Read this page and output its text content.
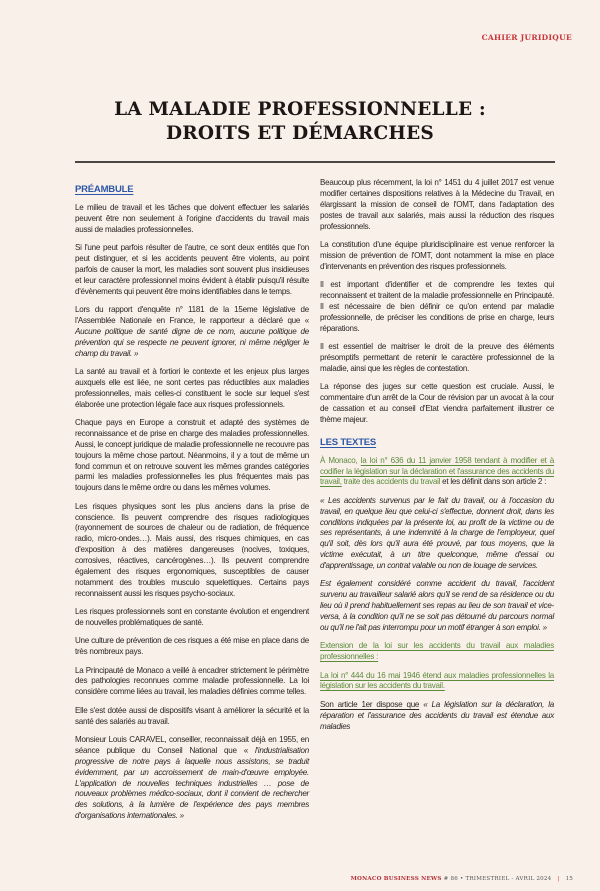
CAHIER JURIDIQUE
LA MALADIE PROFESSIONNELLE :
DROITS ET DÉMARCHES
PRÉAMBULE

Le milieu de travail et les tâches que doivent effectuer les salariés peuvent être non seulement à l'origine d'accidents du travail mais aussi de maladies professionnelles.

Si l'une peut parfois résulter de l'autre, ce sont deux entités que l'on peut distinguer, et si les accidents peuvent être violents, au point parfois de causer la mort, les maladies sont souvent plus insidieuses et leur caractère professionnel moins évident à établir puisqu'il résulte d'évènements qui peuvent être moins identifiables dans le temps.

Lors du rapport d'enquête n° 1181 de la 15eme législative de l'Assemblée Nationale en France, le rapporteur a déclaré que « Aucune politique de santé digne de ce nom, aucune politique de prévention qui se respecte ne peuvent ignorer, ni même négliger le champ du travail. »

La santé au travail et à fortiori le contexte et les enjeux plus larges auxquels elle est liée, ne sont certes pas réductibles aux maladies professionnelles, mais celles-ci constituent le socle sur lequel s'est élaborée une protection légale face aux risques professionnels.

Chaque pays en Europe a construit et adapté des systèmes de reconnaissance et de prise en charge des maladies professionnelles. Aussi, le concept juridique de maladie professionnelle ne recouvre pas toujours la même chose partout. Néanmoins, il y a tout de même un fond commun et on retrouve souvent les mêmes grandes catégories parmi les maladies professionnelles les plus fréquentes mais pas toujours dans le même ordre ou dans les mêmes volumes.

Les risques physiques sont les plus anciens dans la prise de conscience. Ils peuvent comprendre des risques radiologiques (rayonnement de sources de chaleur ou de radiation, de fréquence radio, micro-ondes…). Mais aussi, des risques chimiques, en cas d'exposition à des matières dangereuses (nocives, toxiques, corrosives, réactives, cancérogènes…). Ils peuvent comprendre également des risques ergonomiques, susceptibles de causer notamment des troubles musculo squelettiques. Certains pays reconnaissent aussi les risques psycho-sociaux.

Les risques professionnels sont en constante évolution et engendrent de nouvelles problématiques de santé.

Une culture de prévention de ces risques a été mise en place dans de très nombreux pays.

La Principauté de Monaco a veillé à encadrer strictement le périmètre des pathologies reconnues comme maladie professionnelle. La loi considère comme liées au travail, les maladies définies comme telles.

Elle s'est dotée aussi de dispositifs visant à améliorer la sécurité et la santé des salariés au travail.

Monsieur Louis CARAVEL, conseiller, reconnaissait déjà en 1955, en séance publique du Conseil National que « l'industrialisation progressive de notre pays à laquelle nous assistons, se traduit évidemment, par un accroissement de main-d'œuvre employée. L'application de nouvelles techniques industrielles … pose de nouveaux problèmes médico-sociaux, dont il convient de rechercher des solutions, à la lumière de l'expérience des pays membres d'organisations internationales. »

Beaucoup plus récemment, la loi n° 1451 du 4 juillet 2017 est venue modifier certaines dispositions relatives à la Médecine du Travail, en élargissant la mission de conseil de l'OMT, dans l'adaptation des postes de travail aux salariés, mais aussi la réduction des risques professionnels.

La constitution d'une équipe pluridisciplinaire est venue renforcer la mission de prévention de l'OMT, dont notamment la mise en place d'intervenants en prévention des risques professionnels.

Il est important d'identifier et de comprendre les textes qui reconnaissent et traitent de la maladie professionnelle en Principauté. Il est nécessaire de bien définir ce qu'on entend par maladie professionnelle, de préciser les conditions de prise en charge, leurs réparations.

Il est essentiel de maitriser le droit de la preuve des éléments présomptifs permettant de retenir le caractère professionnel de la maladie, ainsi que les règles de contestation.

La réponse des juges sur cette question est cruciale. Aussi, le commentaire d'un arrêt de la Cour de révision par un avocat à la cour de cassation et au conseil d'Etat viendra parfaitement illustrer ce thème majeur.

LES TEXTES

À Monaco, la loi n° 636 du 11 janvier 1958 tendant à modifier et à codifier la législation sur la déclaration et l'assurance des accidents du travail, traite des accidents du travail et les définit dans son article 2 :

« Les accidents survenus par le fait du travail, ou à l'occasion du travail, en quelque lieu que celui-ci s'effectue, donnent droit, dans les conditions indiquées par la présente loi, au profit de la victime ou de ses représentants, à une indemnité à la charge de l'employeur, quel qu'il soit, dès lors qu'il aura été prouvé, par tous moyens, que la victime exécutait, à un titre quelconque, même d'essai ou d'apprentissage, un contrat valable ou non de louage de services.

Est également considéré comme accident du travail, l'accident survenu au travailleur salarié alors qu'il se rend de sa résidence ou du lieu où il prend habituellement ses repas au lieu de son travail et vice-versa, à la condition qu'il ne se soit pas détourné du parcours normal ou qu'il ne l'ait pas interrompu pour un motif étranger à son emploi. »

Extension de la loi sur les accidents du travail aux maladies professionnelles :

La loi n° 444 du 16 mai 1946 étend aux maladies professionnelles la législation sur les accidents du travail.

Son article 1er dispose que « La législation sur la déclaration, la réparation et l'assurance des accidents du travail est étendue aux maladies

MONACO BUSINESS NEWS # 86 • TRIMESTRIEL - AVRIL 2024 | 15
